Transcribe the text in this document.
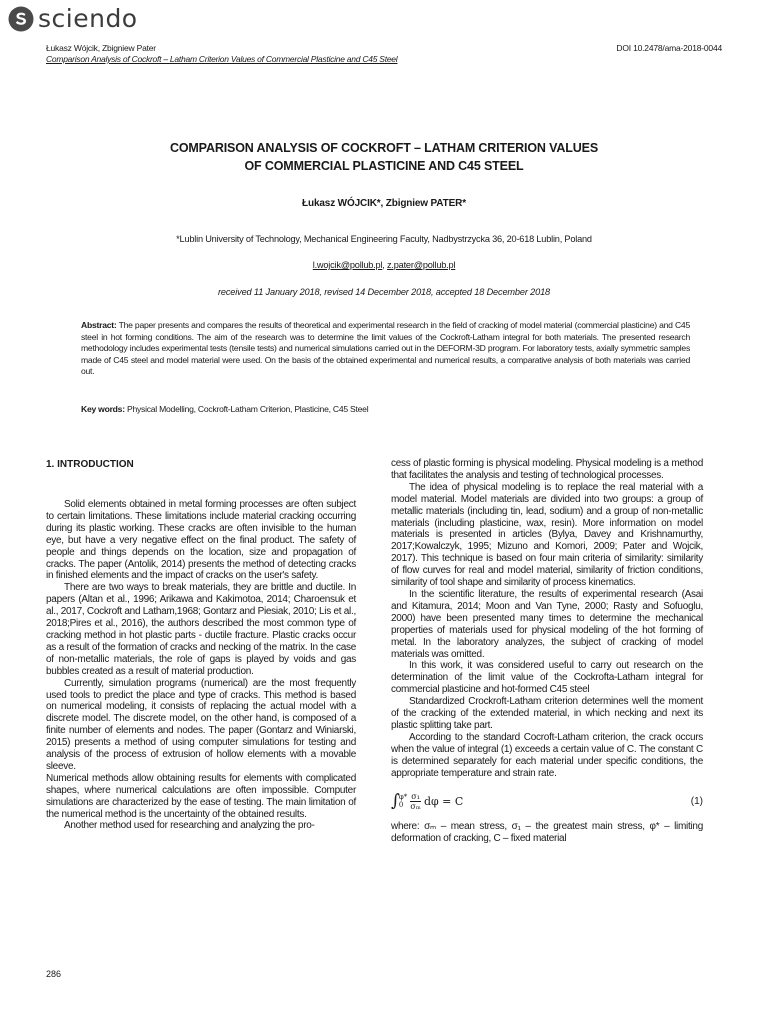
sciendo
Łukasz Wójcik, Zbigniew Pater	DOI 10.2478/ama-2018-0044
Comparison Analysis of Cockroft – Latham Criterion Values of Commercial Plasticine and C45 Steel
COMPARISON ANALYSIS OF COCKROFT – LATHAM CRITERION VALUES
OF COMMERCIAL PLASTICINE AND C45 STEEL
Łukasz WÓJCIK*, Zbigniew PATER*
*Lublin University of Technology, Mechanical Engineering Faculty, Nadbystrzycka 36, 20-618 Lublin, Poland
l.wojcik@pollub.pl, z.pater@pollub.pl
received 11 January 2018, revised 14 December 2018, accepted 18 December 2018
Abstract: The paper presents and compares the results of theoretical and experimental research in the field of cracking of model material (commercial plasticine) and C45 steel in hot forming conditions. The aim of the research was to determine the limit values of the Cockroft-Latham integral for both materials. The presented research methodology includes experimental tests (tensile tests) and numerical simulations carried out in the DEFORM-3D program. For laboratory tests, axially symmetric samples made of C45 steel and model material were used. On the basis of the obtained experimental and numerical results, a comparative analysis of both materials was carried out.
Key words: Physical Modelling, Cockroft-Latham Criterion, Plasticine, C45 Steel
1. INTRODUCTION

Solid elements obtained in metal forming processes are often subject to certain limitations. These limitations include material cracking occurring during its plastic working. These cracks are often invisible to the human eye, but have a very negative effect on the final product. The safety of people and things depends on the location, size and propagation of cracks. The paper (Antolik, 2014) presents the method of detecting cracks in finished elements and the impact of cracks on the user's safety.

There are two ways to break materials, they are brittle and ductile. In papers (Altan et al., 1996; Arikawa and Kakimotoa, 2014; Charoensuk et al., 2017, Cockroft and Latham,1968; Gontarz and Piesiak, 2010; Lis et al., 2018;Pires et al., 2016), the authors described the most common type of cracking method in hot plastic parts - ductile fracture. Plastic cracks occur as a result of the formation of cracks and necking of the matrix. In the case of non-metallic materials, the role of gaps is played by voids and gas bubbles created as a result of material production.

Currently, simulation programs (numerical) are the most frequently used tools to predict the place and type of cracks. This method is based on numerical modeling, it consists of replacing the actual model with a discrete model. The discrete model, on the other hand, is composed of a finite number of elements and nodes. The paper (Gontarz and Winiarski, 2015) presents a method of using computer simulations for testing and analysis of the process of extrusion of hollow elements with a movable sleeve.

Numerical methods allow obtaining results for elements with complicated shapes, where numerical calculations are often impossible. Computer simulations are characterized by the ease of testing. The main limitation of the numerical method is the uncertainty of the obtained results.

Another method used for researching and analyzing the pro-

cess of plastic forming is physical modeling. Physical modeling is a method that facilitates the analysis and testing of technological processes.

The idea of physical modeling is to replace the real material with a model material. Model materials are divided into two groups: a group of metallic materials (including tin, lead, sodium) and a group of non-metallic materials (including plasticine, wax, resin). More information on model materials is presented in articles (Bylya, Davey and Krishnamurthy, 2017;Kowalczyk, 1995; Mizuno and Komori, 2009; Pater and Wojcik, 2017). This technique is based on four main criteria of similarity: similarity of flow curves for real and model material, similarity of friction conditions, similarity of tool shape and similarity of process kinematics.

In the scientific literature, the results of experimental research (Asai and Kitamura, 2014; Moon and Van Tyne, 2000; Rasty and Sofuoglu, 2000) have been presented many times to determine the mechanical properties of materials used for physical modeling of the hot forming of metal. In the laboratory analyzes, the subject of cracking of model materials was omitted.

In this work, it was considered useful to carry out research on the determination of the limit value of the Cockrofta-Latham integral for commercial plasticine and hot-formed C45 steel

Standardized Crockroft-Latham criterion determines well the moment of the cracking of the extended material, in which necking and next its plastic splitting take part.

According to the standard Cocroft-Latham criterion, the crack occurs when the value of integral (1) exceeds a certain value of C. The constant C is determined separately for each material under specific conditions, the appropriate temperature and strain rate.

∫ φ*
$0 \frac{\text{σ₁}}{\text{σₘ}}$ dφ = C	(1)

where: σₘ – mean stress, σ₁ – the greatest main stress, φ* – limiting deformation of cracking, C – fixed material

286
